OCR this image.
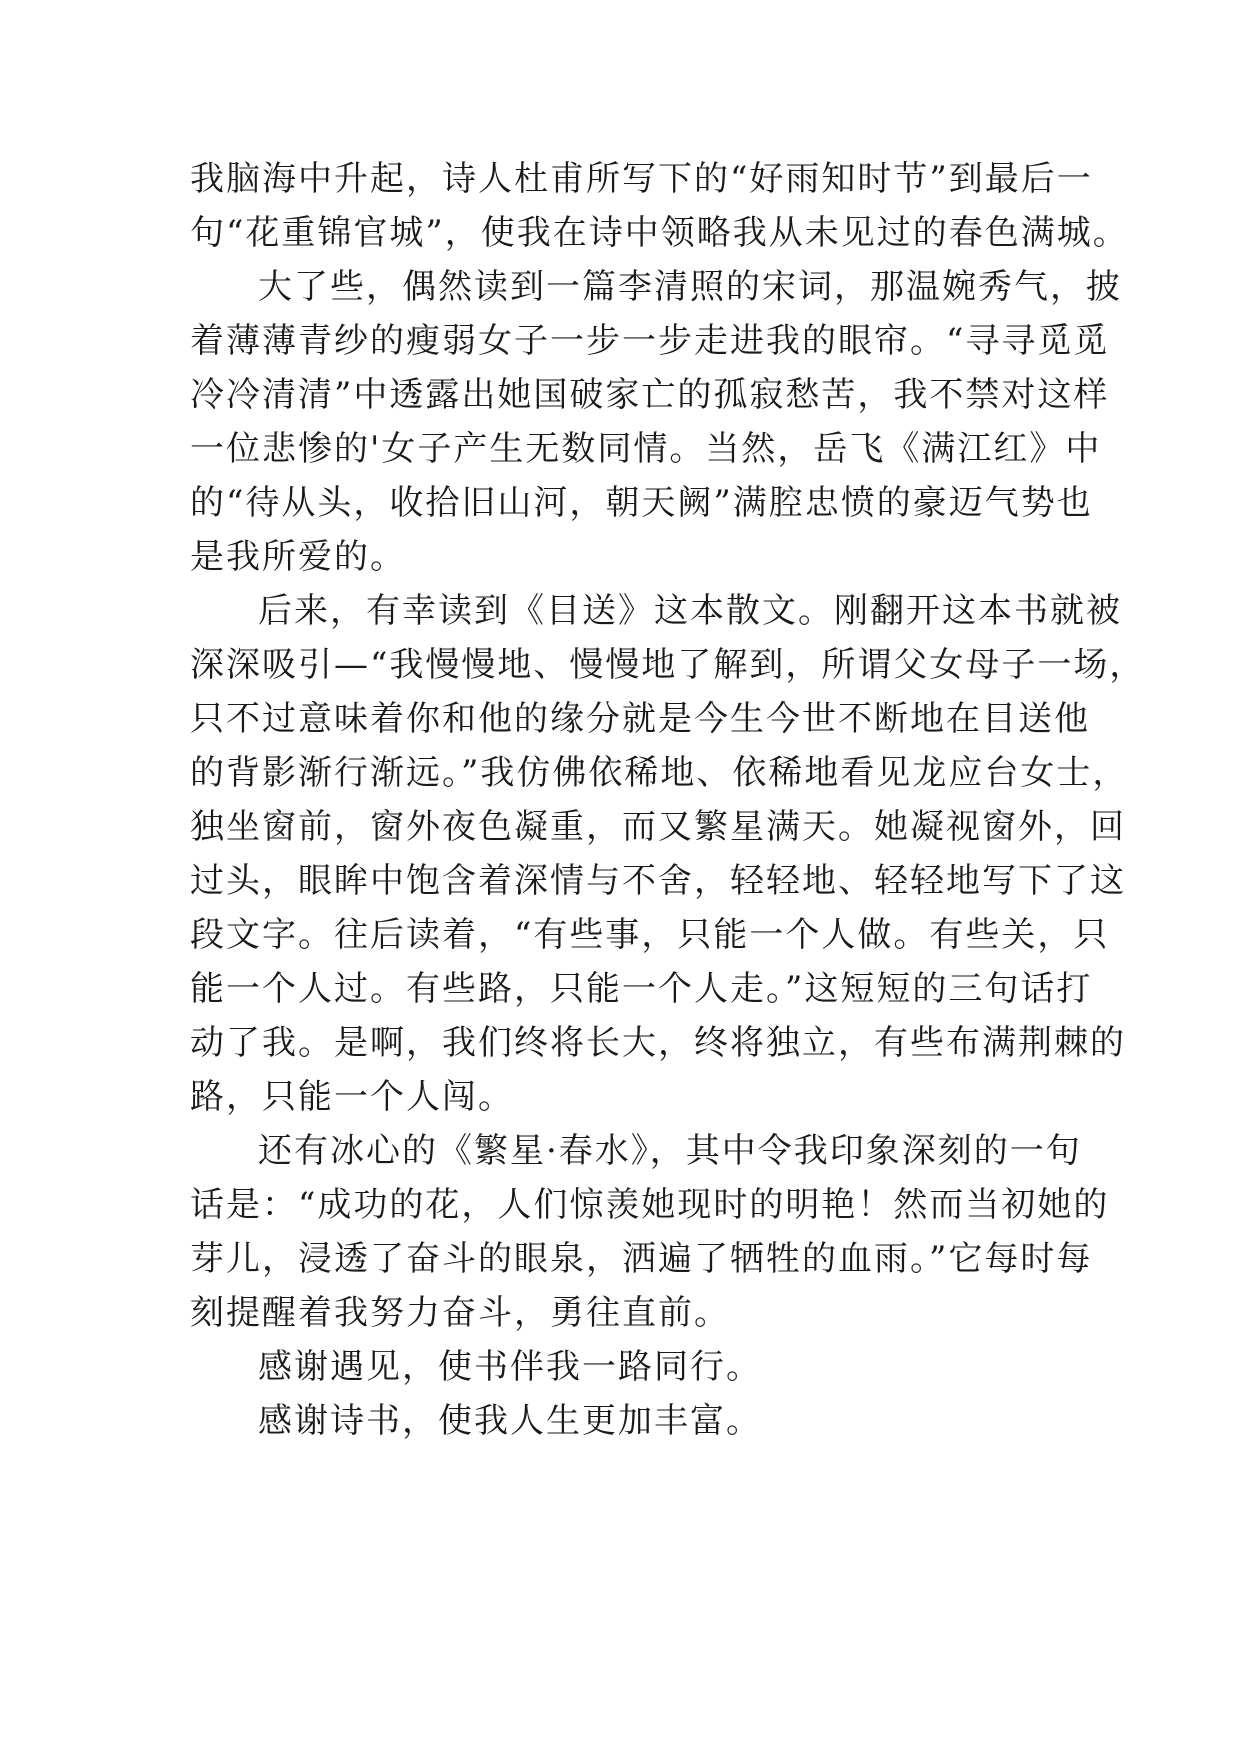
我脑海中升起，诗人杜甫所写下的“好雨知时节”到最后一
句“花重锦官城”，使我在诗中领略我从未见过的春色满城。
大了些，偶然读到一篇李清照的宋词，那温婉秀气，披
着薄薄青纱的瘦弱女子一步一步走进我的眼帘。“寻寻觅觅
冷冷清清”中透露出她国破家亡的孤寂愁苦，我不禁对这样
一位悲惨的'女子产生无数同情。当然，岳飞《满江红》中
的“待从头，收拾旧山河，朝天阙”满腔忠愤的豪迈气势也
是我所爱的。
后来，有幸读到《目送》这本散文。刚翻开这本书就被
深深吸引—“我慢慢地、慢慢地了解到，所谓父女母子一场，
只不过意味着你和他的缘分就是今生今世不断地在目送他
的背影渐行渐远。”我仿佛依稀地、依稀地看见龙应台女士，
独坐窗前，窗外夜色凝重，而又繁星满天。她凝视窗外，回
过头，眼眸中饱含着深情与不舍，轻轻地、轻轻地写下了这
段文字。往后读着，“有些事，只能一个人做。有些关，只
能一个人过。有些路，只能一个人走。”这短短的三句话打
动了我。是啊，我们终将长大，终将独立，有些布满荆棘的
路，只能一个人闯。
还有冰心的《繁星·春水》，其中令我印象深刻的一句
话是：“成功的花，人们惊羡她现时的明艳！然而当初她的
芽儿，浸透了奋斗的眼泉，洒遍了牺牲的血雨。”它每时每
刻提醒着我努力奋斗，勇往直前。
感谢遇见，使书伴我一路同行。
感谢诗书，使我人生更加丰富。
